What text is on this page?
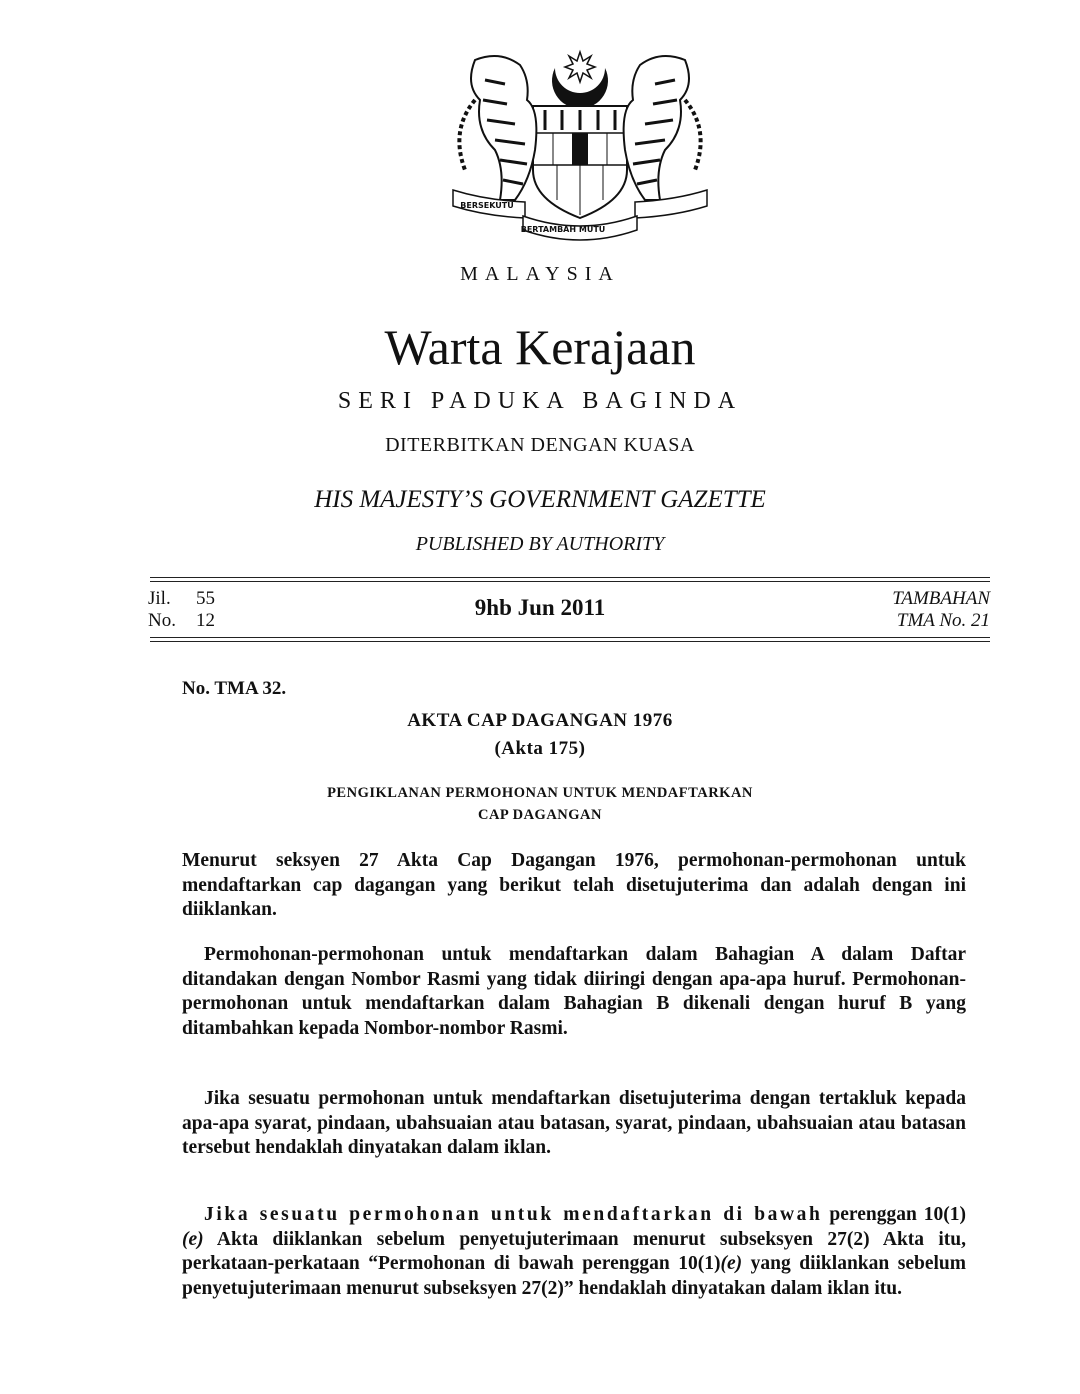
BERSEKUTU
BERTAMBAH MUTU
MALAYSIA
Warta Kerajaan
SERI PADUKA BAGINDA
DITERBITKAN DENGAN KUASA
HIS MAJESTY’S GOVERNMENT GAZETTE
PUBLISHED BY AUTHORITY
Jil. 55
No. 12
9hb Jun 2011	TAMBAHAN
TMA No. 21
No. TMA 32.
AKTA CAP DAGANGAN 1976
(Akta 175)
PENGIKLANAN PERMOHONAN UNTUK MENDAFTARKAN
CAP DAGANGAN
Menurut seksyen 27 Akta Cap Dagangan 1976, permohonan-permohonan untuk mendaftarkan cap dagangan yang berikut telah disetujuterima dan adalah dengan ini diiklankan.
Permohonan-permohonan untuk mendaftarkan dalam Bahagian A dalam Daftar ditandakan dengan Nombor Rasmi yang tidak diiringi dengan apa-apa huruf. Permohonan-permohonan untuk mendaftarkan dalam Bahagian B dikenali dengan huruf B yang ditambahkan kepada Nombor-nombor Rasmi.
Jika sesuatu permohonan untuk mendaftarkan disetujuterima dengan tertakluk kepada apa-apa syarat, pindaan, ubahsuaian atau batasan, syarat, pindaan, ubahsuaian atau batasan tersebut hendaklah dinyatakan dalam iklan.
Jika sesuatu permohonan untuk mendaftarkan di bawah perenggan 10(1)(e) Akta diiklankan sebelum penyetujuterimaan menurut subseksyen 27(2) Akta itu, perkataan-perkataan “Permohonan di bawah perenggan 10(1)(e) yang diiklankan sebelum penyetujuterimaan menurut subseksyen 27(2)” hendaklah dinyatakan dalam iklan itu.
